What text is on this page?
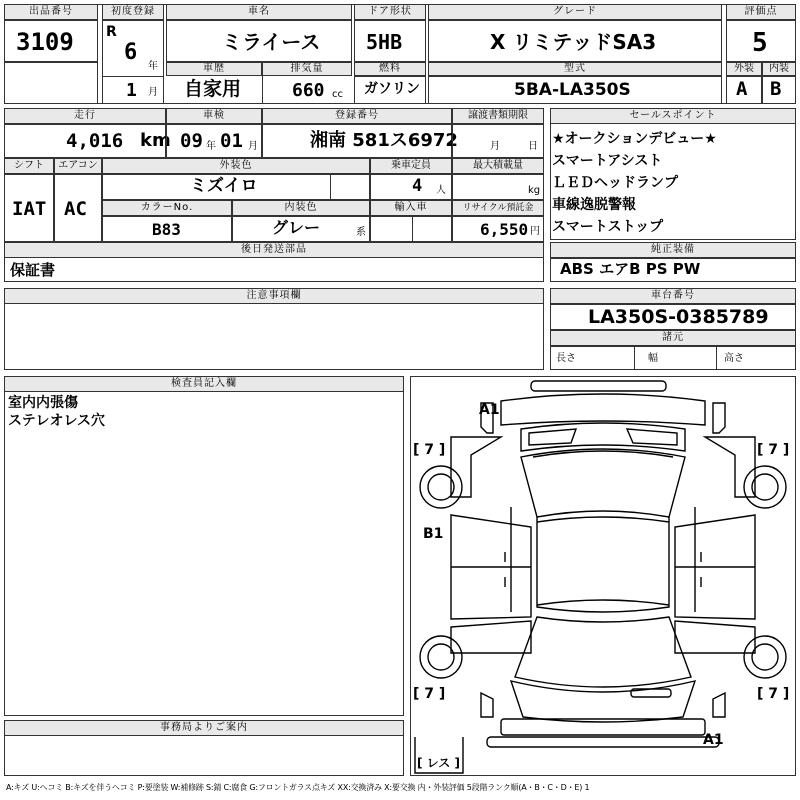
出品番号
3109
初度登録
R
6
年
1 月
車名
ミライース
ドア形状
5HB
グレード
X リミテッドSA3
評価点
5
車歴
自家用
排気量
660 cc
燃料
ガソリン
型式
5BA-LA350S
外装	内装
A B
走行
4,016 km
車検
09 年 01 月
登録番号
湘南 581ス6972
譲渡書類期限
月	日
シフト	エアコン
IAT AC
外装色
ミズイロ
乗車定員
4 人
最大積載量
kg
カラーNo.
B83
内装色
グレー	系
輸入車	リサイクル預託金
6,550 円
後日発送部品
保証書
セールスポイント
★オークションデビュー★
スマートアシスト
ＬＥＤヘッドランプ
車線逸脱警報
スマートストップ
純正装備
ABS エアB PS PW
注意事項欄	車台番号
LA350S-0385789
諸元
長さ	幅	高さ
検査員記入欄
室内内張傷
ステレオレス穴
事務局よりご案内
A1
B1
A1
[ 7 ]	[ 7 ]
[ 7 ]	[ 7 ]
[ レス ]
A:キズ U:ヘコミ B:キズを伴うヘコミ P:要塗装 W:補修跡 S:錆 C:腐食 G:フロントガラス点キズ XX:交換済み X:要交換 内・外装評価 5段階ランク順(A・B・C・D・E) 1
